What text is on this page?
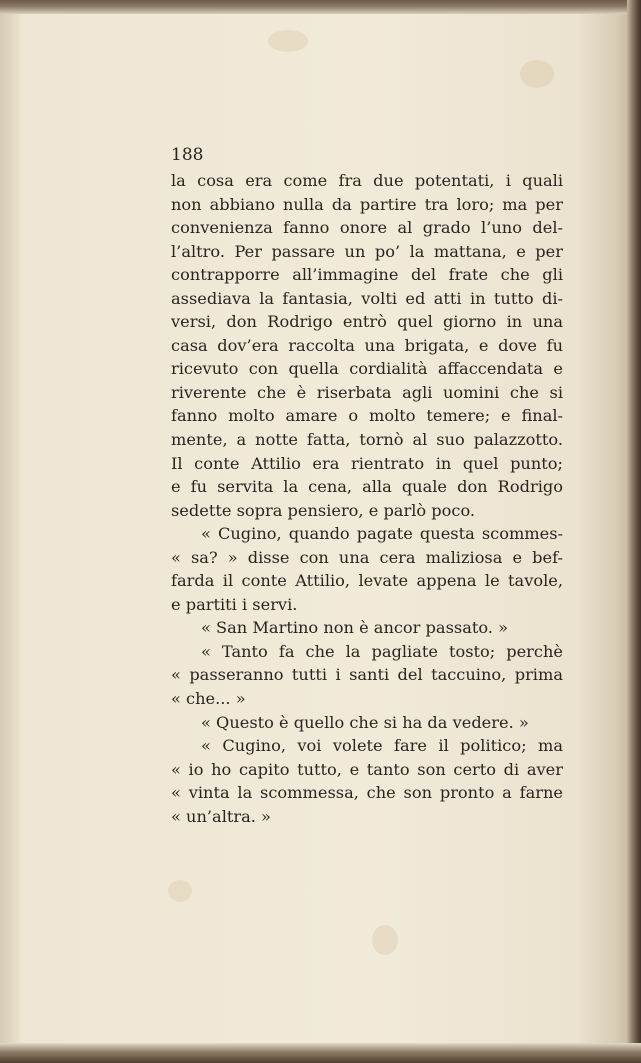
188
la cosa era come fra due potentati, i quali
non abbiano nulla da partire tra loro; ma per
convenienza fanno onore al grado l’uno del-
l’altro. Per passare un po’ la mattana, e per
contrapporre all’immagine del frate che gli
assediava la fantasia, volti ed atti in tutto di-
versi, don Rodrigo entrò quel giorno in una
casa dov’era raccolta una brigata, e dove fu
ricevuto con quella cordialità affaccendata e
riverente che è riserbata agli uomini che si
fanno molto amare o molto temere; e final-
mente, a notte fatta, tornò al suo palazzotto.
Il conte Attilio era rientrato in quel punto;
e fu servita la cena, alla quale don Rodrigo
sedette sopra pensiero, e parlò poco.
« Cugino, quando pagate questa scommes-
« sa? » disse con una cera maliziosa e bef-
farda il conte Attilio, levate appena le tavole,
e partiti i servi.
« San Martino non è ancor passato. »
« Tanto fa che la pagliate tosto; perchè
« passeranno tutti i santi del taccuino, prima
« che... »
« Questo è quello che si ha da vedere. »
« Cugino, voi volete fare il politico; ma
« io ho capito tutto, e tanto son certo di aver
« vinta la scommessa, che son pronto a farne
« un’altra. »
